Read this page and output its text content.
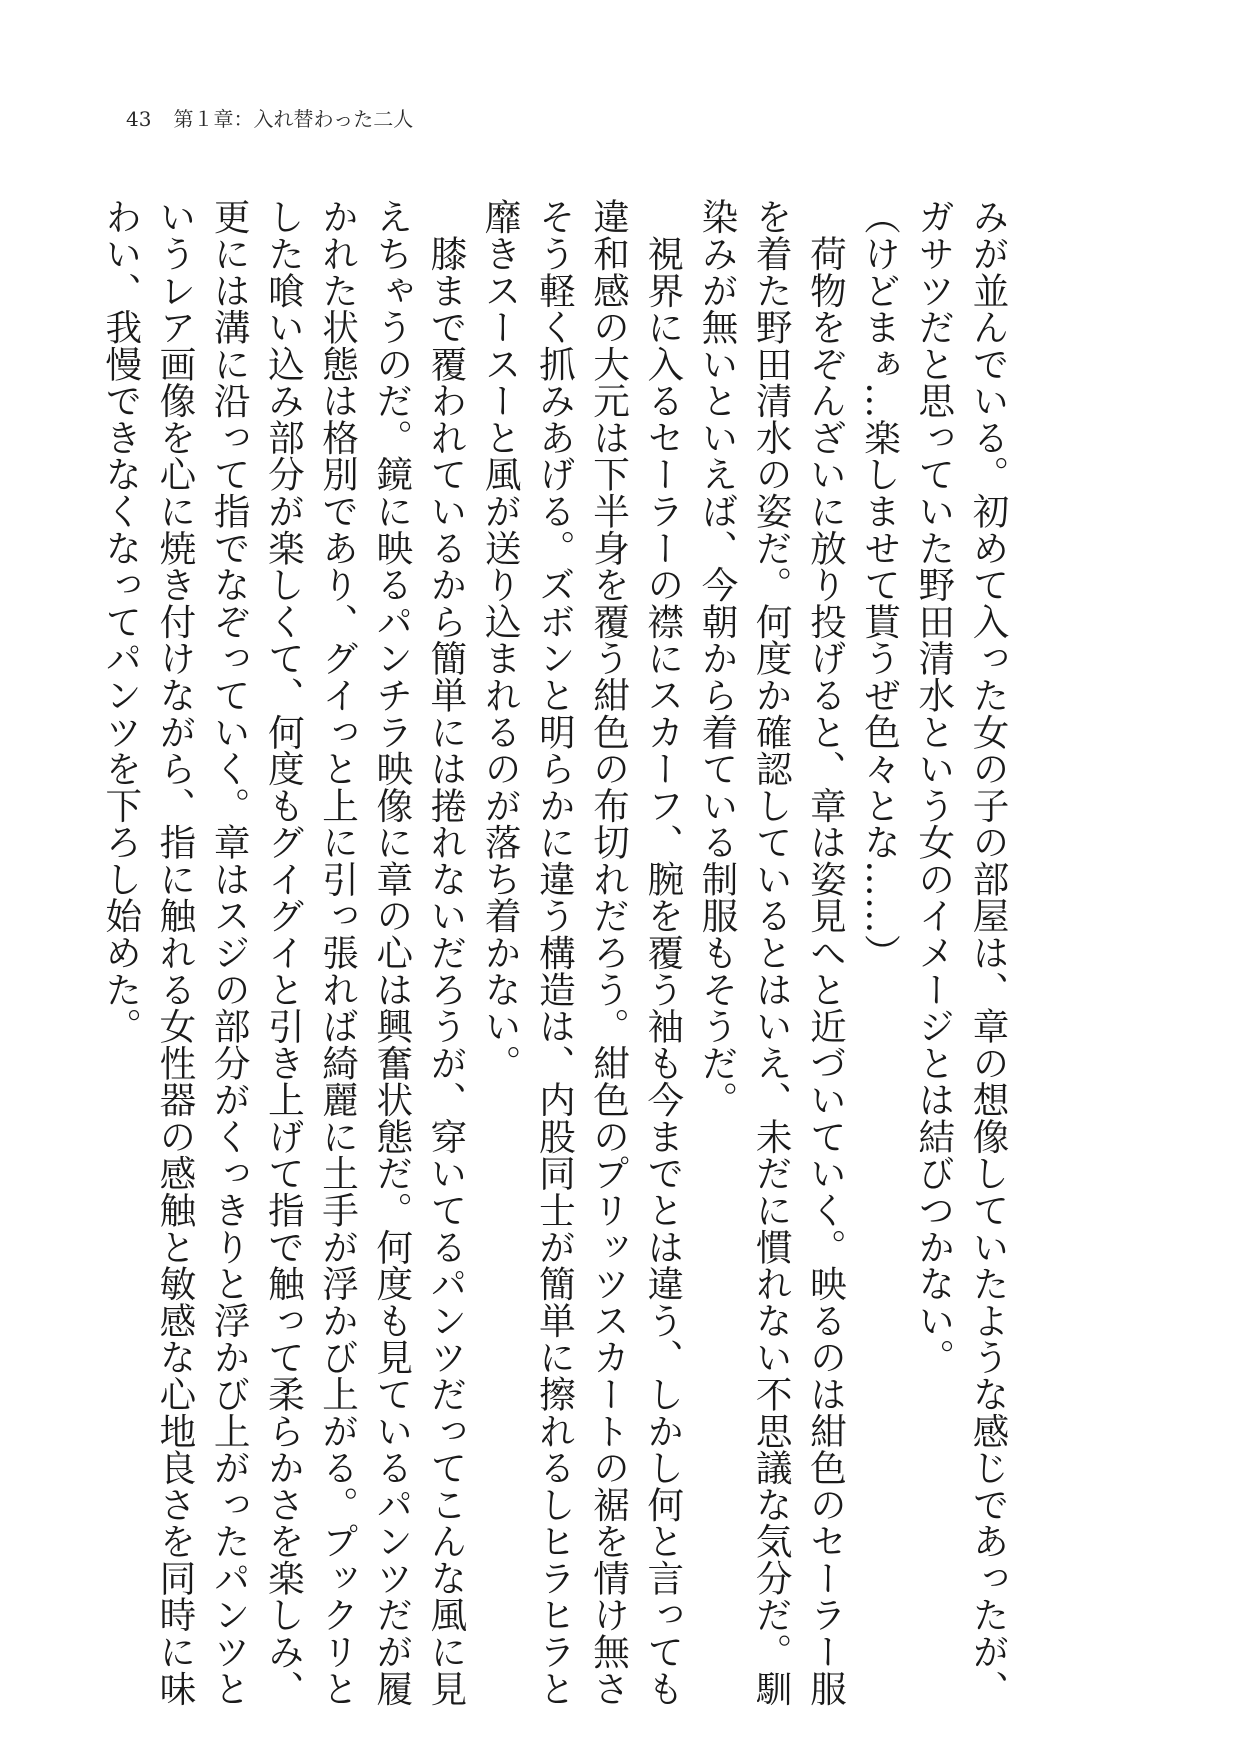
43 第１章：入れ替わった二人

みが並んでいる。初めて入った女の子の部屋は、章の想像していたような感じであったが、ガサツだと思っていた野田清水という女のイメージとは結びつかない。

（けどまぁ…楽しませて貰うぜ色々とな……）

　荷物をぞんざいに放り投げると、章は姿見へと近づいていく。映るのは紺色のセーラー服を着た野田清水の姿だ。何度か確認しているとはいえ、未だに慣れない不思議な気分だ。馴染みが無いといえば、今朝から着ている制服もそうだ。

　視界に入るセーラーの襟にスカーフ、腕を覆う袖も今までとは違う、しかし何と言っても違和感の大元は下半身を覆う紺色の布切れだろう。紺色のプリッツスカートの裾を情け無さそう軽く抓みあげる。ズボンと明らかに違う構造は、内股同士が簡単に擦れるしヒラヒラと靡きスースーと風が送り込まれるのが落ち着かない。

　膝まで覆われているから簡単には捲れないだろうが、穿いてるパンツだってこんな風に見えちゃうのだ。鏡に映るパンチラ映像に章の心は興奮状態だ。何度も見ているパンツだが履かれた状態は格別であり、グイっと上に引っ張れば綺麗に土手が浮かび上がる。プックリとした喰い込み部分が楽しくて、何度もグイグイと引き上げて指で触って柔らかさを楽しみ、更には溝に沿って指でなぞっていく。章はスジの部分がくっきりと浮かび上がったパンツというレア画像を心に焼き付けながら、指に触れる女性器の感触と敏感な心地良さを同時に味わい、我慢できなくなってパンツを下ろし始めた。
